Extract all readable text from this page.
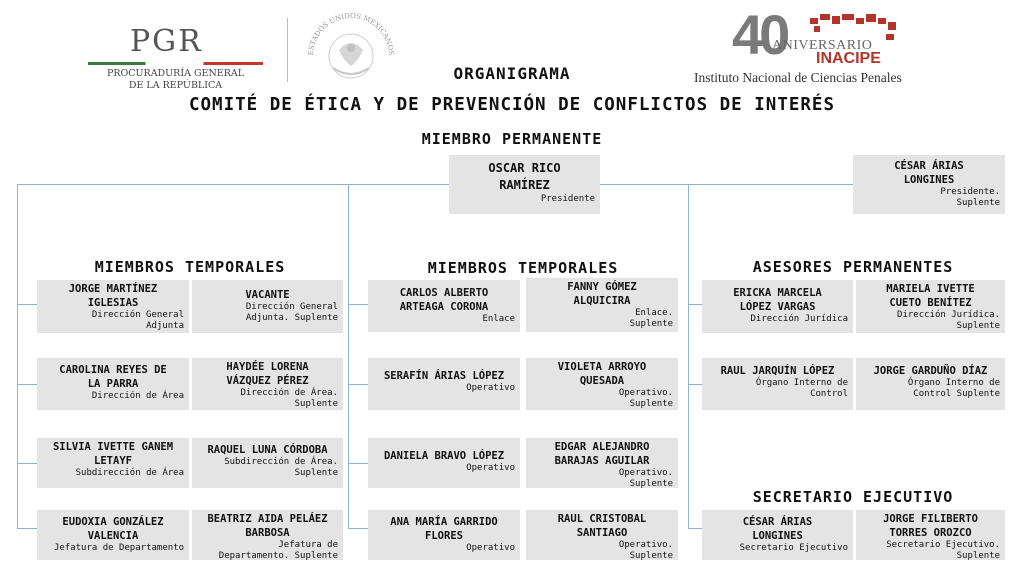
PGR
PROCURADURÍA GENERAL
DE LA REPÚBLICA
ESTADOS UNIDOS MEXICANOS	40
ANIVERSARIO
INACIPE
Instituto Nacional de Ciencias Penales
ORGANIGRAMA
COMITÉ DE ÉTICA Y DE PREVENCIÓN DE CONFLICTOS DE INTERÉS
MIEMBRO PERMANENTE
OSCAR RICO
RAMÍREZ
Presidente
CÉSAR ÁRIAS
LONGINES
Presidente.
Suplente
MIEMBROS TEMPORALES	MIEMBROS TEMPORALES	ASESORES PERMANENTES
SECRETARIO EJECUTIVO
JORGE MARTÍNEZ
IGLESIAS
Dirección General
Adjunta
VACANTE
Dirección General
Adjunta. Suplente
CAROLINA REYES DE
LA PARRA
Dirección de Área
HAYDÉE LORENA
VÁZQUEZ PÉREZ
Dirección de Área.
Suplente
SILVIA IVETTE GANEM
LETAYF
Subdirección de Área
RAQUEL LUNA CÓRDOBA
Subdirección de Área.
Suplente
EUDOXIA GONZÁLEZ
VALENCIA
Jefatura de Departamento
BEATRIZ AIDA PELÁEZ
BARBOSA
Jefatura de
Departamento. Suplente
CARLOS ALBERTO
ARTEAGA CORONA
Enlace
FANNY GÓMEZ
ALQUICIRA
Enlace.
Suplente
SERAFÍN ÁRIAS LÓPEZ
Operativo
VIOLETA ARROYO
QUESADA
Operativo.
Suplente
DANIELA BRAVO LÓPEZ
Operativo
EDGAR ALEJANDRO
BARAJAS AGUILAR
Operativo.
Suplente
ANA MARÍA GARRIDO
FLORES
Operativo
RAUL CRISTOBAL
SANTIAGO
Operativo.
Suplente
ERICKA MARCELA
LÓPEZ VARGAS
Dirección Jurídica
MARIELA IVETTE
CUETO BENÍTEZ
Dirección Jurídica.
Suplente
RAUL JARQUÍN LÓPEZ
Órgano Interno de
Control
JORGE GARDUÑO DÍAZ
Órgano Interno de
Control Suplente
CÉSAR ÁRIAS
LONGINES
Secretario Ejecutivo
JORGE FILIBERTO
TORRES OROZCO
Secretario Ejecutivo.
Suplente
